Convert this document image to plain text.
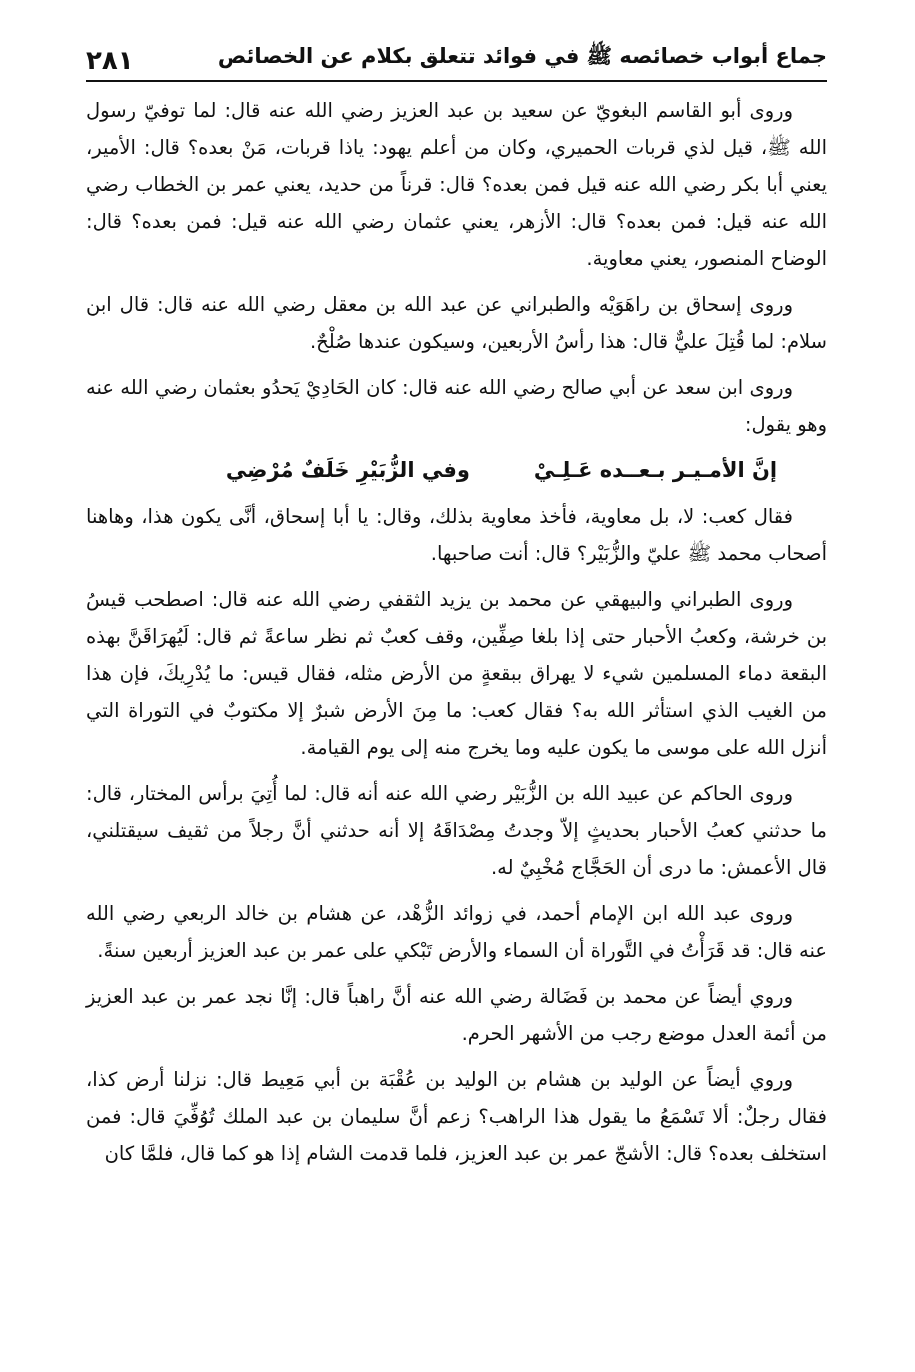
جماع أبواب خصائصه ﷺ في فوائد تتعلق بكلام عن الخصائص
٢٨١

وروى أبو القاسم البغويّ عن سعيد بن عبد العزيز رضي الله عنه قال: لما توفيّ رسول الله ﷺ، قيل لذي قربات الحميري، وكان من أعلم يهود: ياذا قربات، مَنْ بعده؟ قال: الأمير، يعني أبا بكر رضي الله عنه قيل فمن بعده؟ قال: قرناً من حديد، يعني عمر بن الخطاب رضي الله عنه قيل: فمن بعده؟ قال: الأزهر، يعني عثمان رضي الله عنه قيل: فمن بعده؟ قال: الوضاح المنصور، يعني معاوية.

وروى إسحاق بن راهَوَيْه والطبراني عن عبد الله بن معقل رضي الله عنه قال: قال ابن سلام: لما قُتِلَ عليٌّ قال: هذا رأسُ الأربعين، وسيكون عندها صُلْحٌ.

وروى ابن سعد عن أبي صالح رضي الله عنه قال: كان الحَادِيْ يَحدُو بعثمان رضي الله عنه وهو يقول:

إنَّ الأمـيـر بـعــده عَـلِـيْ
وفي الزُّبَيْرِ خَلَفٌ مُرْضِي

فقال كعب: لا، بل معاوية، فأخذ معاوية بذلك، وقال: يا أبا إسحاق، أنَّى يكون هذا، وهاهنا أصحاب محمد ﷺ عليّ والزُّبَيْر؟ قال: أنت صاحبها.

وروى الطبراني والبيهقي عن محمد بن يزيد الثقفي رضي الله عنه قال: اصطحب قيسُ بن خرشة، وكعبُ الأحبار حتى إذا بلغا صِفِّين، وقف كعبٌ ثم نظر ساعةً ثم قال: لَيُهرَاقَنَّ بهذه البقعة دماء المسلمين شيء لا يهراق ببقعةٍ من الأرض مثله، فقال قيس: ما يُدْرِيكَ، فإن هذا من الغيب الذي استأثر الله به؟ فقال كعب: ما مِنَ الأرض شبرٌ إلا مكتوبٌ في التوراة التي أنزل الله على موسى ما يكون عليه وما يخرج منه إلى يوم القيامة.

وروى الحاكم عن عبيد الله بن الزُّبَيْر رضي الله عنه أنه قال: لما أُتِيَ برأس المختار، قال: ما حدثني كعبُ الأحبار بحديثٍ إلاّ وجدتُ مِصْدَاقَهُ إلا أنه حدثني أنَّ رجلاً من ثقيف سيقتلني، قال الأعمش: ما درى أن الحَجَّاج مُخْبِيٌ له.

وروى عبد الله ابن الإمام أحمد، في زوائد الزُّهْد، عن هشام بن خالد الربعي رضي الله عنه قال: قد قَرَأْتُ في التَّوراة أن السماء والأرض تَبْكي على عمر بن عبد العزيز أربعين سنةً.

وروي أيضاً عن محمد بن فَضَالة رضي الله عنه أنَّ راهباً قال: إنَّا نجد عمر بن عبد العزيز من أئمة العدل موضع رجب من الأشهر الحرم.

وروي أيضاً عن الوليد بن هشام بن الوليد بن عُقْبَة بن أبي مَعِيط قال: نزلنا أرض كذا، فقال رجلٌ: ألا تَسْمَعُ ما يقول هذا الراهب؟ زعم أنَّ سليمان بن عبد الملك تُوُفِّيَ قال: فمن استخلف بعده؟ قال: الأشجّ عمر بن عبد العزيز، فلما قدمت الشام إذا هو كما قال، فلمَّا كان
